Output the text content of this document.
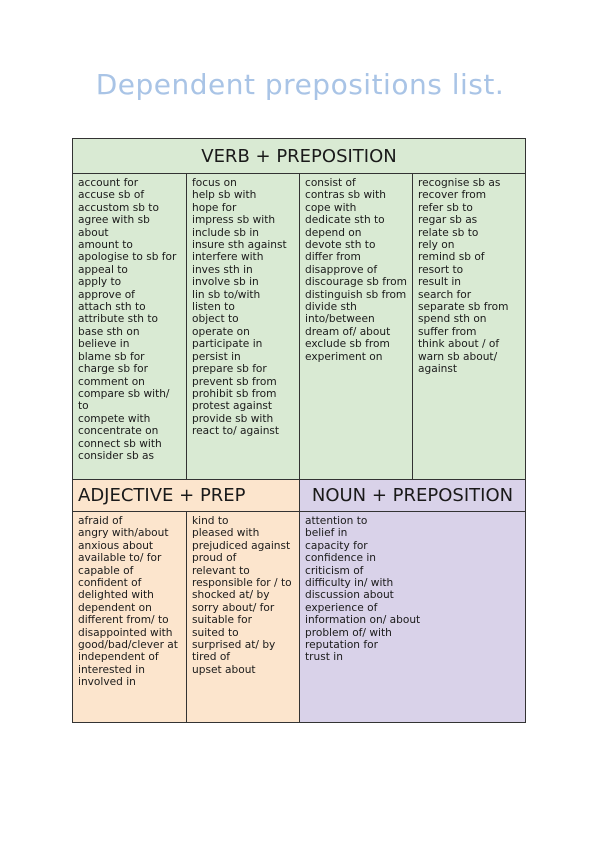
Dependent prepositions list.
VERB + PREPOSITION
account for
accuse sb of
accustom sb to
agree with sb about
amount to
apologise to sb for
appeal to
apply to
approve of
attach sth to
attribute sth to
base sth on
believe in
blame sb for
charge sb for
comment on
compare sb with/ to
compete with
concentrate on
connect sb with
consider sb as
focus on
help sb with
hope for
impress sb with
include sb in
insure sth against
interfere with
inves sth in
involve sb in
lin sb to/with
listen to
object to
operate on
participate in
persist in
prepare sb for
prevent sb from
prohibit sb from
protest against
provide sb with
react to/ against
consist of
contras sb with
cope with
dedicate sth to
depend on
devote sth to
differ from
disapprove of
discourage sb from
distinguish sb from
divide sth into/between
dream of/ about
exclude sb from
experiment on
recognise sb as
recover from
refer sb to
regar sb as
relate sb to
rely on
remind sb of
resort to
result in
search for
separate sb from
spend sth on
suffer from
think about / of
warn sb about/ against
ADJECTIVE + PREP
afraid of
angry with/about
anxious about
available to/ for
capable of
confident of
delighted with
dependent on
different from/ to
disappointed with
good/bad/clever at
independent of
interested in
involved in
kind to
pleased with
prejudiced against
proud of
relevant to
responsible for / to
shocked at/ by
sorry about/ for
suitable for
suited to
surprised at/ by
tired of
upset about
NOUN + PREPOSITION
attention to
belief in
capacity for
confidence in
criticism of
difficulty in/ with
discussion about
experience of
information on/ about
problem of/ with
reputation for
trust in
